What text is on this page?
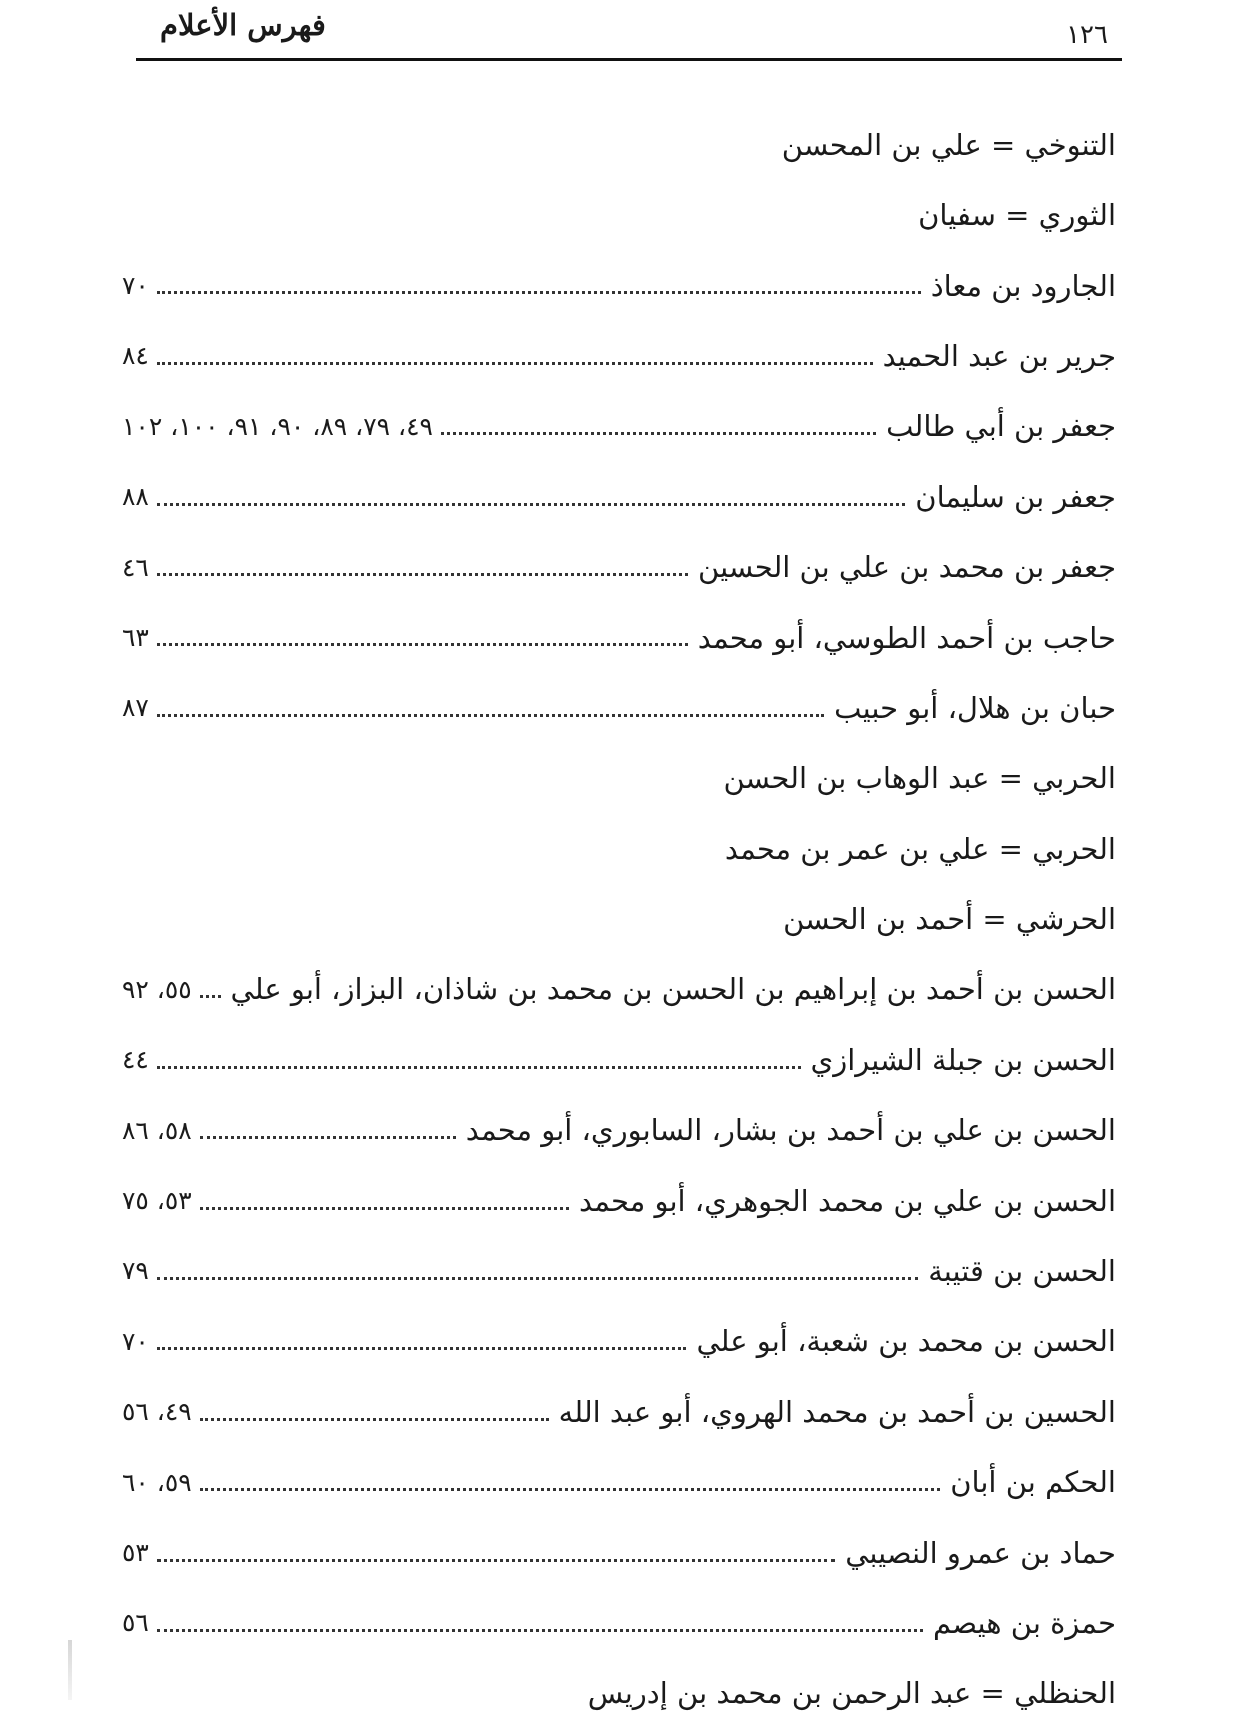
فهرس الأعلام	١٢٦
التنوخي = علي بن المحسن
الثوري = سفيان
الجارود بن معاذ
٧٠
جرير بن عبد الحميد
٨٤
جعفر بن أبي طالب
٤٩، ٧٩، ٨٩، ٩٠، ٩١، ١٠٠، ١٠٢
جعفر بن سليمان
٨٨
جعفر بن محمد بن علي بن الحسين
٤٦
حاجب بن أحمد الطوسي، أبو محمد
٦٣
حبان بن هلال، أبو حبيب
٨٧
الحربي = عبد الوهاب بن الحسن
الحربي = علي بن عمر بن محمد
الحرشي = أحمد بن الحسن
الحسن بن أحمد بن إبراهيم بن الحسن بن محمد بن شاذان، البزاز، أبو علي
٥٥، ٩٢
الحسن بن جبلة الشيرازي
٤٤
الحسن بن علي بن أحمد بن بشار، السابوري، أبو محمد
٥٨، ٨٦
الحسن بن علي بن محمد الجوهري، أبو محمد
٥٣، ٧٥
الحسن بن قتيبة
٧٩
الحسن بن محمد بن شعبة، أبو علي
٧٠
الحسين بن أحمد بن محمد الهروي، أبو عبد الله
٤٩، ٥٦
الحكم بن أبان
٥٩، ٦٠
حماد بن عمرو النصيبي
٥٣
حمزة بن هيصم
٥٦
الحنظلي = عبد الرحمن بن محمد بن إدريس
